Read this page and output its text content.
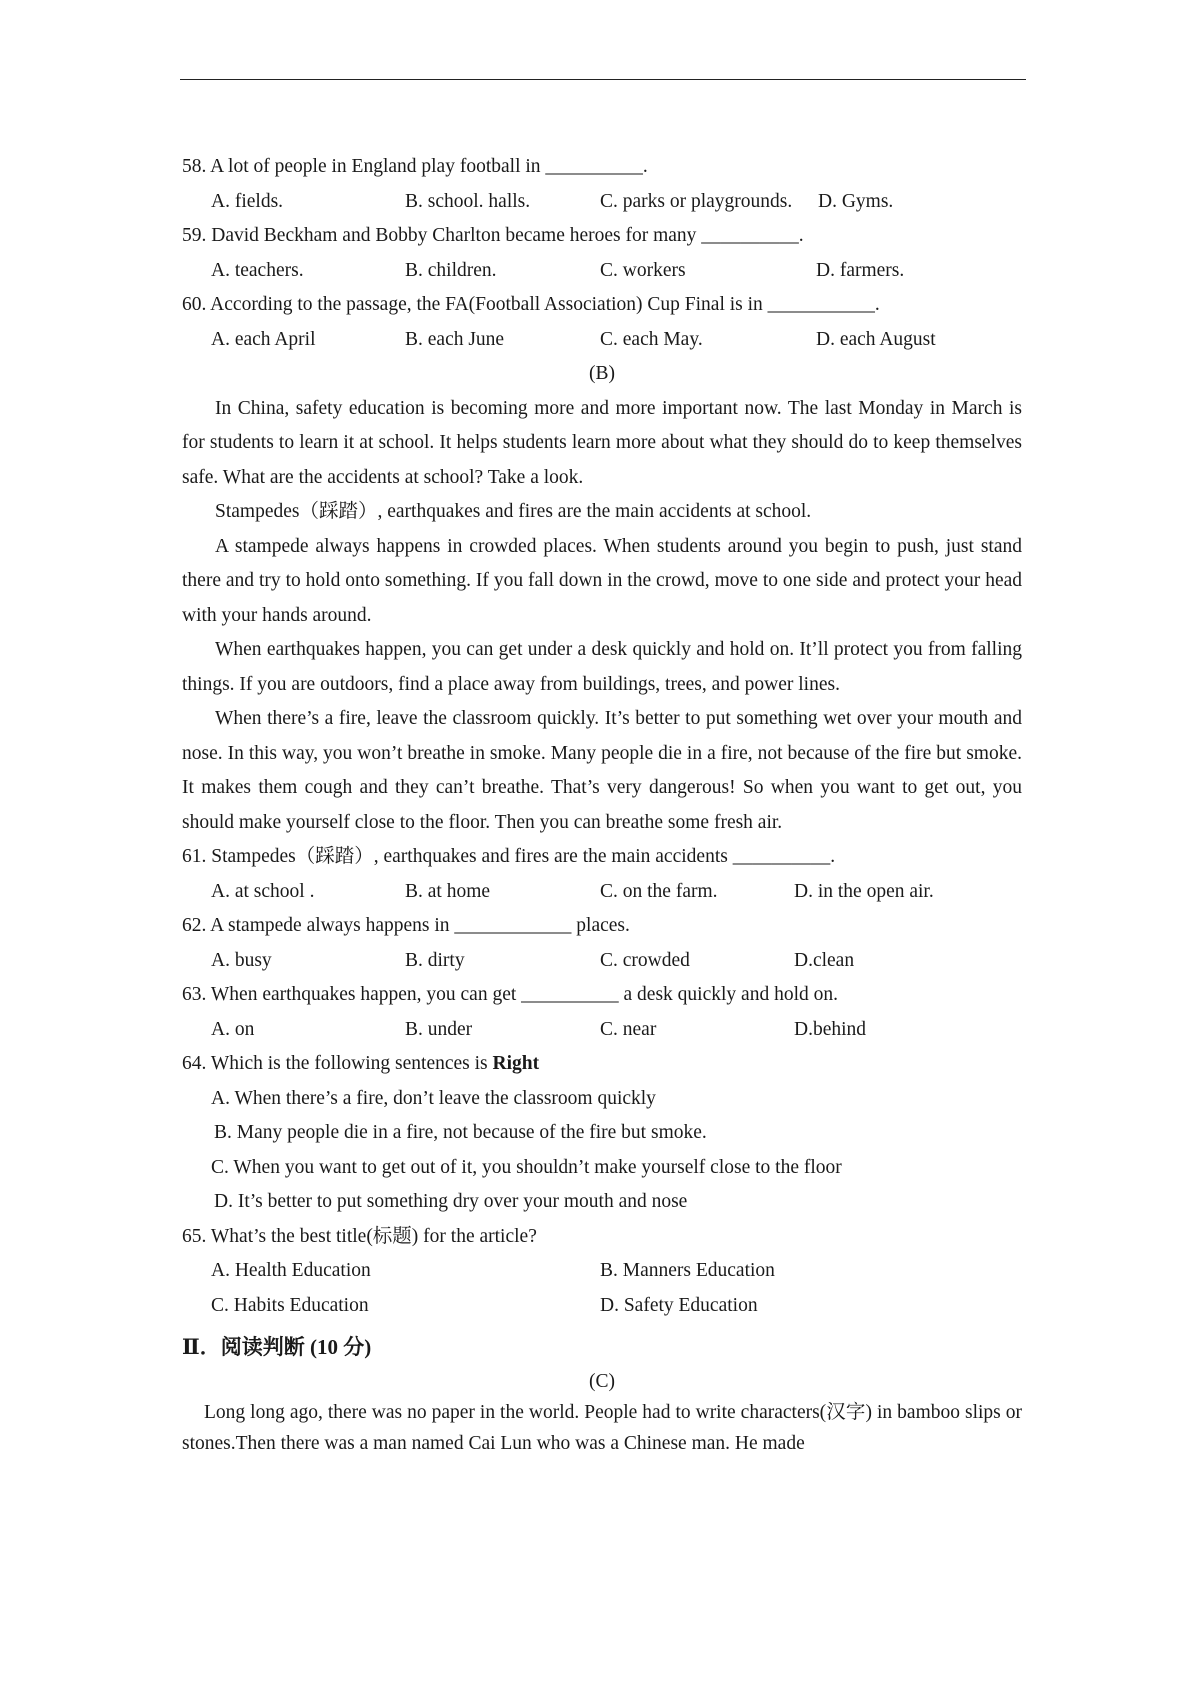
58. A lot of people in England play football in __________.
A. fields.	B. school. halls.	C. parks or playgrounds. D. Gyms.
59. David Beckham and Bobby Charlton became heroes for many __________.
A. teachers.	B. children.	C. workers	D. farmers.
60. According to the passage, the FA(Football Association) Cup Final is in ___________.
A. each April	B. each June	C. each May.	D. each August
(B)
In China, safety education is becoming more and more important now. The last Monday in March is for students to learn it at school. It helps students learn more about what they should do to keep themselves safe. What are the accidents at school? Take a look.
Stampedes（踩踏）, earthquakes and fires are the main accidents at school.
A stampede always happens in crowded places. When students around you begin to push, just stand there and try to hold onto something. If you fall down in the crowd, move to one side and protect your head with your hands around.
When earthquakes happen, you can get under a desk quickly and hold on. It’ll protect you from falling things. If you are outdoors, find a place away from buildings, trees, and power lines.
When there’s a fire, leave the classroom quickly. It’s better to put something wet over your mouth and nose. In this way, you won’t breathe in smoke. Many people die in a fire, not because of the fire but smoke. It makes them cough and they can’t breathe. That’s very dangerous! So when you want to get out, you should make yourself close to the floor. Then you can breathe some fresh air.
61. Stampedes（踩踏）, earthquakes and fires are the main accidents __________.
A. at school .	B. at home	C. on the farm.	D. in the open air.
62. A stampede always happens in ____________ places.
A. busy	B. dirty	C. crowded	D.clean
63. When earthquakes happen, you can get __________ a desk quickly and hold on.
A. on	B. under	C. near	D.behind
64. Which is the following sentences is Right
A. When there’s a fire, don’t leave the classroom quickly
B. Many people die in a fire, not because of the fire but smoke.
C. When you want to get out of it, you shouldn’t make yourself close to the floor
D. It’s better to put something dry over your mouth and nose
65. What’s the best title(标题) for the article?
A. Health Education	B. Manners Education
C. Habits Education	D. Safety Education
Ⅱ．阅读判断 (10 分)
(C)
Long long ago, there was no paper in the world. People had to write characters(汉字) in bamboo slips or stones.Then there was a man named Cai Lun who was a Chinese man. He made
